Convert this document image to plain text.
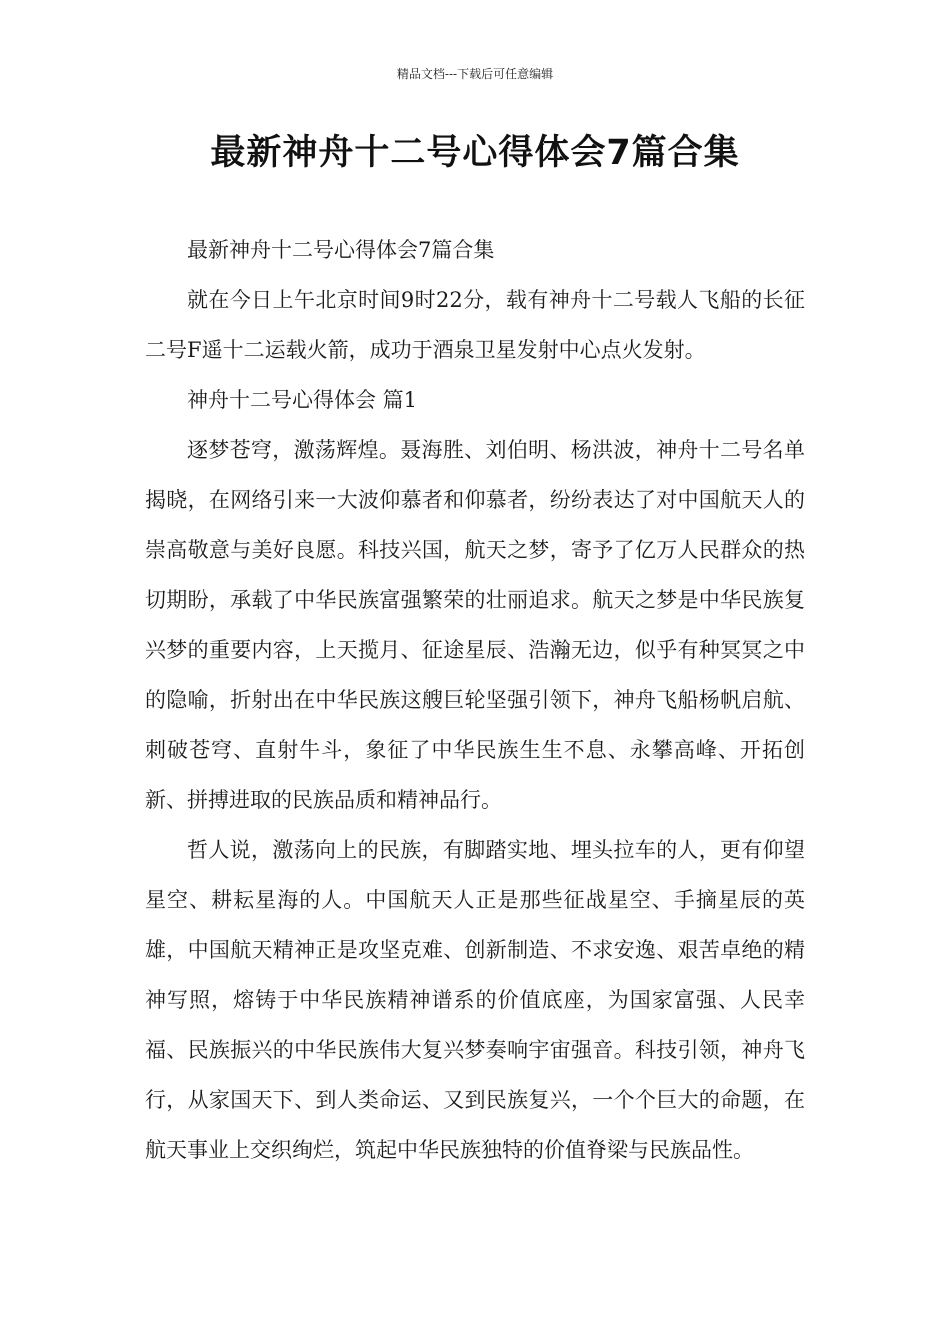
精品文档---下载后可任意编辑
最新神舟十二号心得体会7篇合集

最新神舟十二号心得体会7篇合集

就在今日上午北京时间9时22分，载有神舟十二号载人飞船的长征二号F遥十二运载火箭，成功于酒泉卫星发射中心点火发射。

神舟十二号心得体会 篇1

逐梦苍穹，激荡辉煌。聂海胜、刘伯明、杨洪波，神舟十二号名单揭晓，在网络引来一大波仰慕者和仰慕者，纷纷表达了对中国航天人的崇高敬意与美好良愿。科技兴国，航天之梦，寄予了亿万人民群众的热切期盼，承载了中华民族富强繁荣的壮丽追求。航天之梦是中华民族复兴梦的重要内容，上天揽月、征途星辰、浩瀚无边，似乎有种冥冥之中的隐喻，折射出在中华民族这艘巨轮坚强引领下，神舟飞船杨帆启航、刺破苍穹、直射牛斗，象征了中华民族生生不息、永攀高峰、开拓创新、拼搏进取的民族品质和精神品行。

哲人说，激荡向上的民族，有脚踏实地、埋头拉车的人，更有仰望星空、耕耘星海的人。中国航天人正是那些征战星空、手摘星辰的英雄，中国航天精神正是攻坚克难、创新制造、不求安逸、艰苦卓绝的精神写照，熔铸于中华民族精神谱系的价值底座，为国家富强、人民幸福、民族振兴的中华民族伟大复兴梦奏响宇宙强音。科技引领，神舟飞行，从家国天下、到人类命运、又到民族复兴，一个个巨大的命题，在航天事业上交织绚烂，筑起中华民族独特的价值脊梁与民族品性。
